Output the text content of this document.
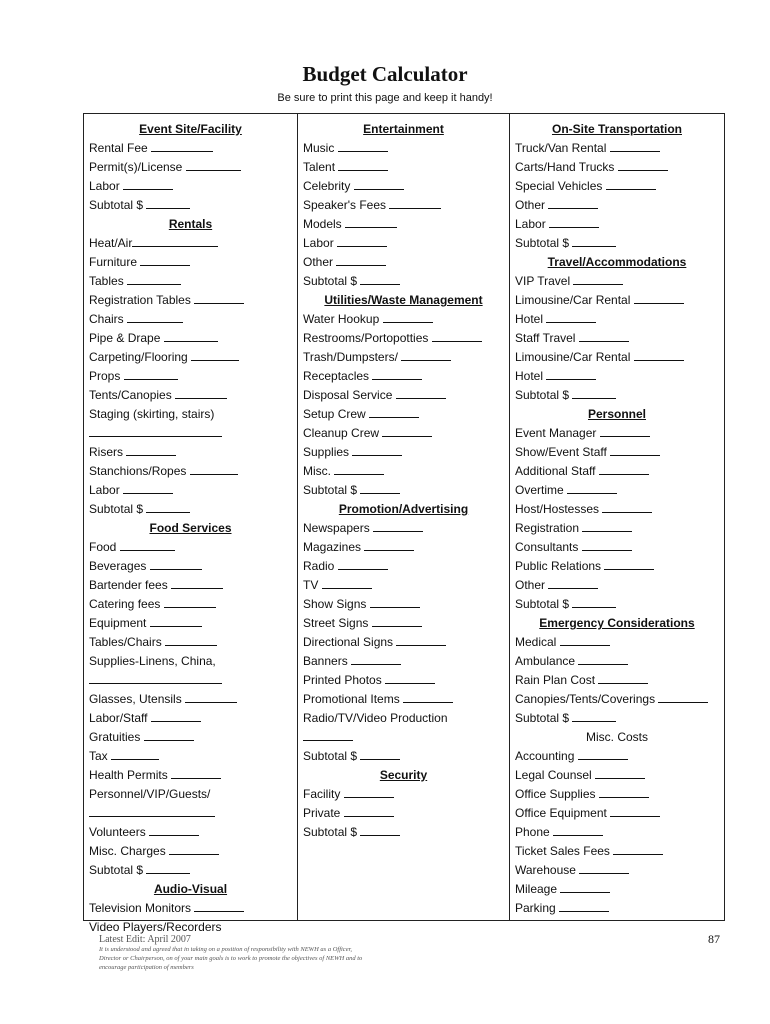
Budget Calculator
Be sure to print this page and keep it handy!
Event Site/Facility
Rental Fee
Permit(s)/License
Labor
Subtotal $
Rentals
Heat/Air
Furniture
Tables
Registration Tables
Chairs
Pipe & Drape
Carpeting/Flooring
Props
Tents/Canopies
Staging (skirting, stairs)
Risers
Stanchions/Ropes
Labor
Subtotal $
Food Services
Food
Beverages
Bartender fees
Catering fees
Equipment
Tables/Chairs
Supplies-Linens, China,
Glasses, Utensils
Labor/Staff
Gratuities
Tax
Health Permits
Personnel/VIP/Guests/
Volunteers
Misc. Charges
Subtotal $
Audio-Visual
Television Monitors
Video Players/Recorders
Entertainment
Music
Talent
Celebrity
Speaker's Fees
Models
Labor
Other
Subtotal $
Utilities/Waste Management
Water Hookup
Restrooms/Portopotties
Trash/Dumpsters/
Receptacles
Disposal Service
Setup Crew
Cleanup Crew
Supplies
Misc.
Subtotal $
Promotion/Advertising
Newspapers
Magazines
Radio
TV
Show Signs
Street Signs
Directional Signs
Banners
Printed Photos
Promotional Items
Radio/TV/Video Production
Subtotal $
Security
Facility
Private
Subtotal $
On-Site Transportation
Truck/Van Rental
Carts/Hand Trucks
Special Vehicles
Other
Labor
Subtotal $
Travel/Accommodations
VIP Travel
Limousine/Car Rental
Hotel
Staff Travel
Limousine/Car Rental
Hotel
Subtotal $
Personnel
Event Manager
Show/Event Staff
Additional Staff
Overtime
Host/Hostesses
Registration
Consultants
Public Relations
Other
Subtotal $
Emergency Considerations
Medical
Ambulance
Rain Plan Cost
Canopies/Tents/Coverings
Subtotal $
Misc. Costs
Accounting
Legal Counsel
Office Supplies
Office Equipment
Phone
Ticket Sales Fees
Warehouse
Mileage
Parking
Latest Edit: April 2007
It is understood and agreed that in taking on a position of responsibility with NEWH as a Officer,
Director or Chairperson, on of your main goals is to work to promote the objectives of NEWH and to
encourage participation of members
87
